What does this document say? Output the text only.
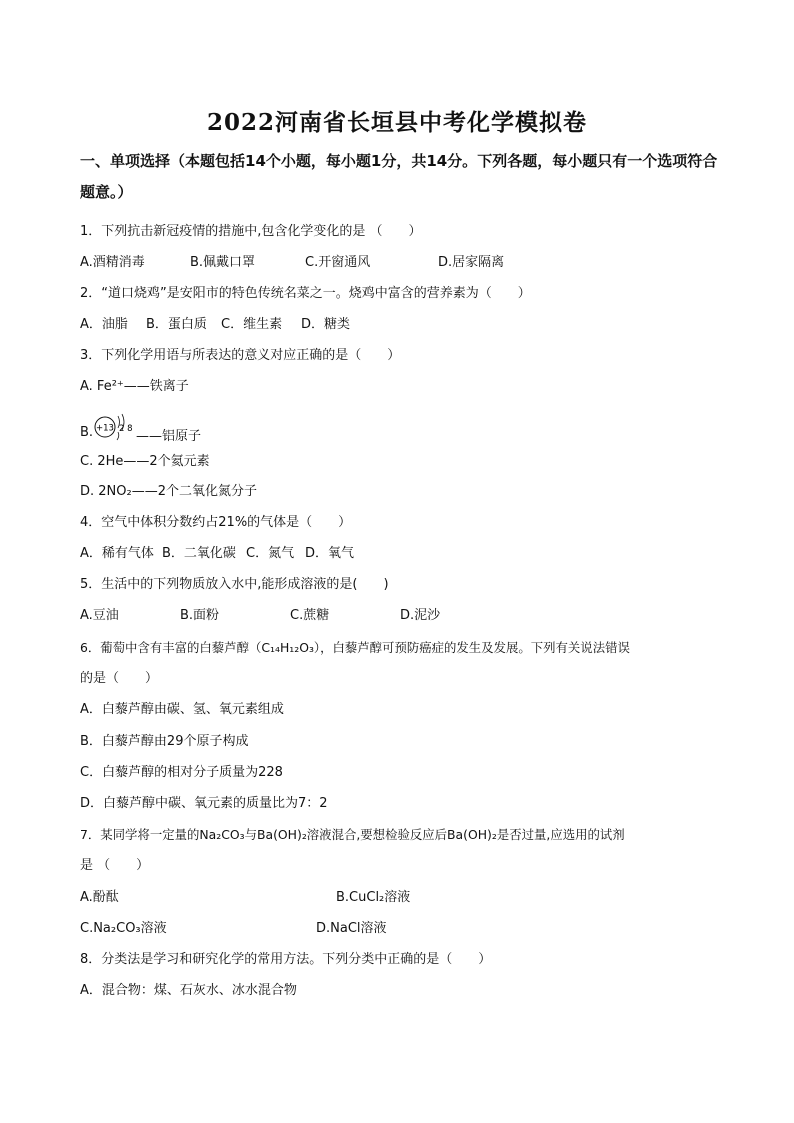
2022河南省长垣县中考化学模拟卷
一、单项选择（本题包括14个小题，每小题1分，共14分。下列各题，每小题只有一个选项符合题意。）
1．下列抗击新冠疫情的措施中,包含化学变化的是 （　　）
A.酒精消毒	B.佩戴口罩	C.开窗通风	D.居家隔离
2．“道口烧鸡”是安阳市的特色传统名菜之一。烧鸡中富含的营养素为（　　）
A．油脂 B．蛋白质 C．维生素 D．糖类
3．下列化学用语与所表达的意义对应正确的是（　　）
A. Fe²⁺——铁离子
B. +13 2 8 ——铝原子
C. 2He——2个氦元素
D. 2NO₂——2个二氧化氮分子
4．空气中体积分数约占21%的气体是（　　）
A．稀有气体 B．二氧化碳 C．氮气 D．氧气
5．生活中的下列物质放入水中,能形成溶液的是(　　)
A.豆油	B.面粉	C.蔗糖	D.泥沙
6．葡萄中含有丰富的白藜芦醇（C₁₄H₁₂O₃），白藜芦醇可预防癌症的发生及发展。下列有关说法错误
的是（　　）
A．白藜芦醇由碳、氢、氧元素组成
B．白藜芦醇由29个原子构成
C．白藜芦醇的相对分子质量为228
D．白藜芦醇中碳、氧元素的质量比为7：2
7．某同学将一定量的Na₂CO₃与Ba(OH)₂溶液混合,要想检验反应后Ba(OH)₂是否过量,应选用的试剂
是 （　　）
A.酚酞	B.CuCl₂溶液
C.Na₂CO₃溶液	D.NaCl溶液
8．分类法是学习和研究化学的常用方法。下列分类中正确的是（　　）
A．混合物：煤、石灰水、冰水混合物
